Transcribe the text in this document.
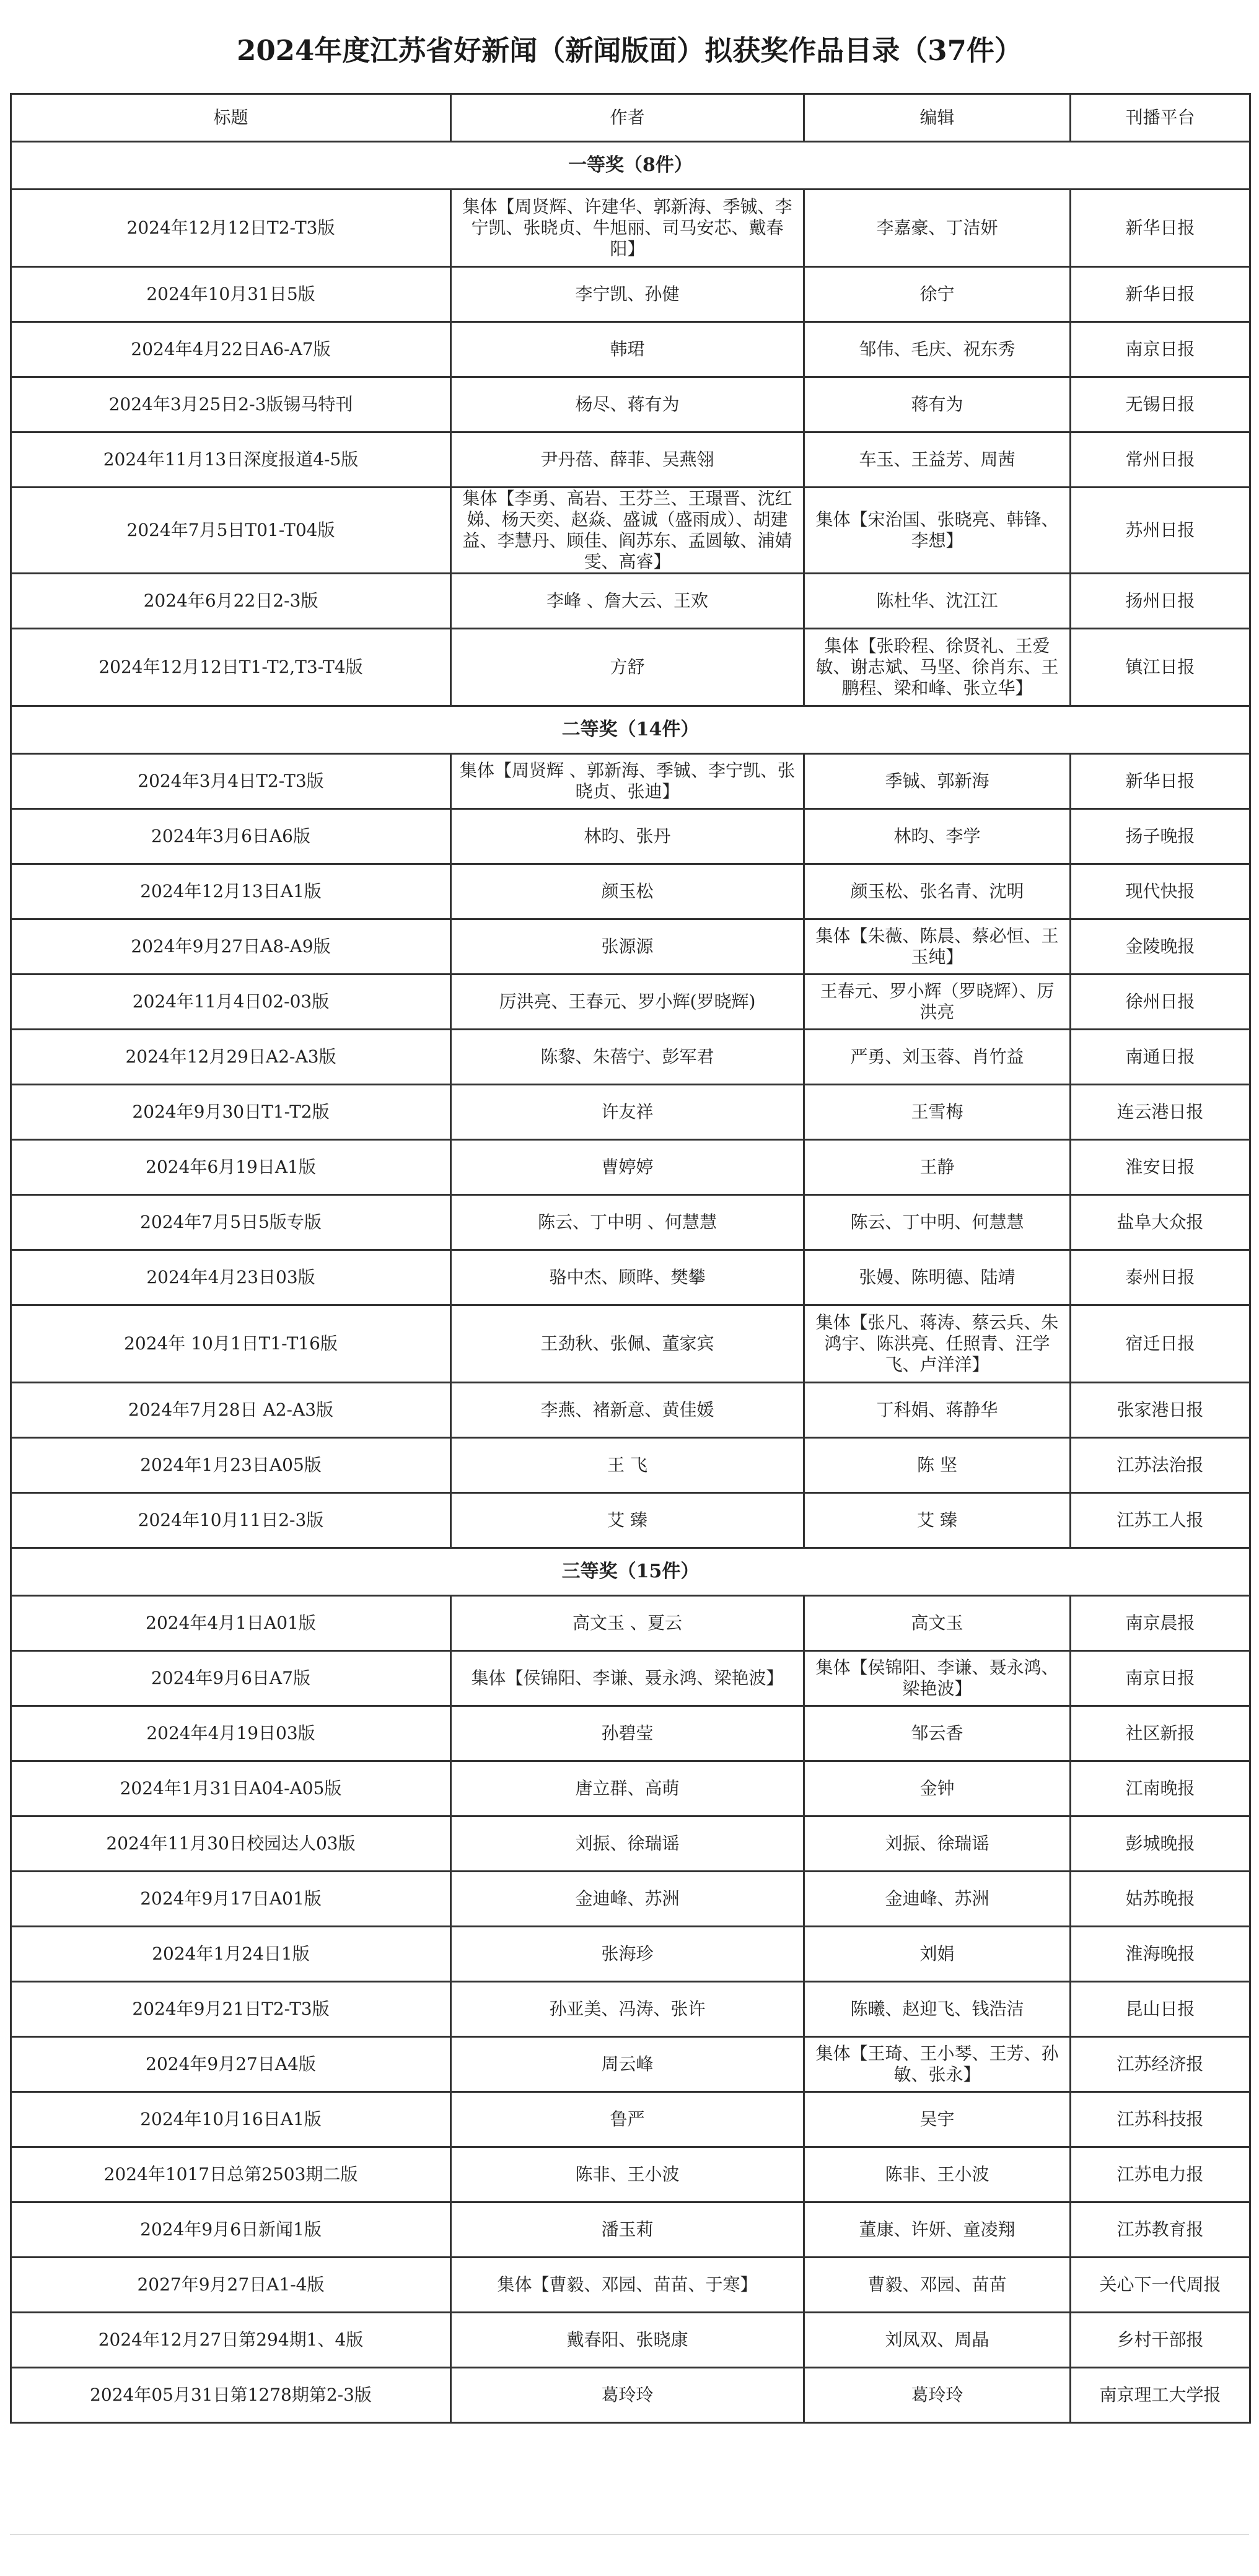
2024年度江苏省好新闻（新闻版面）拟获奖作品目录（37件）
标题	作者	编辑	刊播平台
一等奖（8件）			
2024年12月12日T2-T3版	集体【周贤辉、许建华、郭新海、季铖、李宁凯、张晓贞、牛旭丽、司马安芯、戴春阳】	李嘉豪、丁洁妍	新华日报
2024年10月31日5版	李宁凯、孙健	徐宁	新华日报
2024年4月22日A6-A7版	韩珺	邹伟、毛庆、祝东秀	南京日报
2024年3月25日2-3版锡马特刊	杨尽、蒋有为	蒋有为	无锡日报
2024年11月13日深度报道4-5版	尹丹蓓、薛菲、吴燕翎	车玉、王益芳、周茜	常州日报
2024年7月5日T01-T04版	集体【李勇、高岩、王芬兰、王璟晋、沈红娣、杨天奕、赵焱、盛诚（盛雨成）、胡建益、李慧丹、顾佳、阎苏东、孟圆敏、浦婧雯、高睿】	集体【宋治国、张晓亮、韩锋、李想】	苏州日报
2024年6月22日2-3版	李峰 、詹大云、王欢	陈杜华、沈江江	扬州日报
2024年12月12日T1-T2,T3-T4版	方舒	集体【张聆程、徐贤礼、王爱敏、谢志斌、马坚、徐肖东、王鹏程、梁和峰、张立华】	镇江日报
二等奖（14件）			
2024年3月4日T2-T3版	集体【周贤辉 、郭新海、季铖、李宁凯、张晓贞、张迪】	季铖、郭新海	新华日报
2024年3月6日A6版	林昀、张丹	林昀、李学	扬子晚报
2024年12月13日A1版	颜玉松	颜玉松、张名青、沈明	现代快报
2024年9月27日A8-A9版	张源源	集体【朱薇、陈晨、蔡必恒、王玉纯】	金陵晚报
2024年11月4日02-03版	厉洪亮、王春元、罗小辉(罗晓辉)	王春元、罗小辉（罗晓辉）、厉洪亮	徐州日报
2024年12月29日A2-A3版	陈黎、朱蓓宁、彭军君	严勇、刘玉蓉、肖竹益	南通日报
2024年9月30日T1-T2版	许友祥	王雪梅	连云港日报
2024年6月19日A1版	曹婷婷	王静	淮安日报
2024年7月5日5版专版	陈云、丁中明 、何慧慧	陈云、丁中明、何慧慧	盐阜大众报
2024年4月23日03版	骆中杰、顾晔、樊攀	张嫚、陈明德、陆靖	泰州日报
2024年 10月1日T1-T16版	王劲秋、张佩、董家宾	集体【张凡、蒋涛、蔡云兵、朱鸿宇、陈洪亮、任照青、汪学飞、卢洋洋】	宿迁日报
2024年7月28日 A2-A3版	李燕、褚新意、黄佳媛	丁科娟、蒋静华	张家港日报
2024年1月23日A05版	王 飞	陈 坚	江苏法治报
2024年10月11日2-3版	艾 臻	艾 臻	江苏工人报
三等奖（15件）			
2024年4月1日A01版	高文玉 、夏云	高文玉	南京晨报
2024年9月6日A7版	集体【侯锦阳、李谦、聂永鸿、梁艳波】	集体【侯锦阳、李谦、聂永鸿、梁艳波】	南京日报
2024年4月19日03版	孙碧莹	邹云香	社区新报
2024年1月31日A04-A05版	唐立群、高萌	金钟	江南晚报
2024年11月30日校园达人03版	刘振、徐瑞谣	刘振、徐瑞谣	彭城晚报
2024年9月17日A01版	金迪峰、苏洲	金迪峰、苏洲	姑苏晚报
2024年1月24日1版	张海珍	刘娟	淮海晚报
2024年9月21日T2-T3版	孙亚美、冯涛、张许	陈曦、赵迎飞、钱浩洁	昆山日报
2024年9月27日A4版	周云峰	集体【王琦、王小琴、王芳、孙敏、张永】	江苏经济报
2024年10月16日A1版	鲁严	吴宇	江苏科技报
2024年1017日总第2503期二版	陈非、王小波	陈非、王小波	江苏电力报
2024年9月6日新闻1版	潘玉莉	董康、许妍、童凌翔	江苏教育报
2027年9月27日A1-4版	集体【曹毅、邓园、苗苗、于寒】	曹毅、邓园、苗苗	关心下一代周报
2024年12月27日第294期1、4版	戴春阳、张晓康	刘凤双、周晶	乡村干部报
2024年05月31日第1278期第2-3版	葛玲玲	葛玲玲	南京理工大学报
